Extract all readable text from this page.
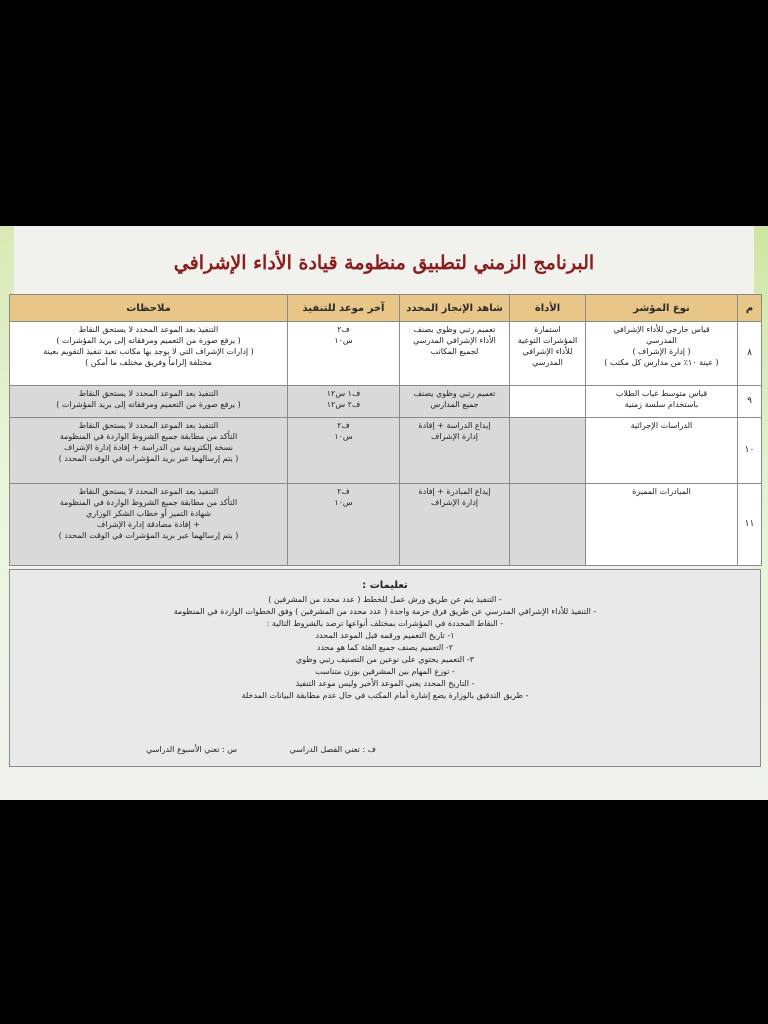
البرنامج الزمني لتطبيق منظومة قيادة الأداء الإشرافي
م	نوع المؤشر	الأداة	شاهد الإنجاز المحدد	آخر موعد للتنفيذ	ملاحظات
٨	قياس خارجي للأداء الإشرافي
المدرسي
( إدارة الإشراف )
( عينة ١٠٪ من مدارس كل مكتب )	استمارة
المؤشرات النوعية
للأداء الإشرافي
المدرسي	تعميم رتبي وظوي يصنف
الأداء الإشرافي المدرسي
لجميع المكاتب	ف٢
س١٠	التنفيذ بعد الموعد المحدد لا يستحق النقاط
( يرفع صورة من التعميم ومرفقاته إلى بريد المؤشرات )
( إدارات الإشراف التي لا يوجد بها مكاتب تعيد تنفيذ التقويم بعينة
مختلفة إلزاماً وفريق مختلف ما أمكن )

٩	قياس متوسط غياب الطلاب
باستخدام سلسة زمنية		تعميم رتبي وظوي يصنف
جميع المدارس	ف١ س١٢
ف٢ س١٢	التنفيذ بعد الموعد المحدد لا يستحق النقاط
( يرفع صورة من التعميم ومرفقاته إلى بريد المؤشرات )

١٠	الدراسات الإجرائية		إيداع الدراسة + إفادة
إدارة الإشراف	ف٢
س١٠	التنفيذ بعد الموعد المحدد لا يستحق النقاط
التأكد من مطابقة جميع الشروط الواردة في المنظومة
نسخة إلكترونية من الدراسة + إفادة إدارة الإشراف
( يتم إرسالهما عبر بريد المؤشرات في الوقت المحدد )

١١	المبادرات المميزة		إيداع المبادرة + إفادة
إدارة الإشراف	ف٢
س١٠	التنفيذ بعد الموعد المحدد لا يستحق النقاط
التأكد من مطابقة جميع الشروط الواردة في المنظومة
شهادة التميز أو خطاب الشكر الوزاري
+ إفادة مصادقة إدارة الإشراف
( يتم إرسالهما عبر بريد المؤشرات في الوقت المحدد )
تعليمات :
- التنفيذ يتم عن طريق ورش عمل للخطط ( عدد محدد من المشرفين )
- التنفيذ للأداء الإشرافي المدرسي عن طريق فرق حزمة واحدة ( عدد محدد من المشرفين ) وفق الخطوات الواردة في المنظومة
- النقاط المحددة في المؤشرات بمختلف أنواعها ترصد بالشروط التالية :
١- تاريخ التعميم ورقمه قبل الموعد المحدد
٢- التعميم يصنف جميع الفئة كما هو محدد
٣- التعميم يحتوي على نوعين من التصنيف رتبي وظوي
- توزع المهام بين المشرفين بوزن متناسب
- التاريخ المحدد يعني الموعد الأخير وليس موعد التنفيذ
- طريق التدقيق بالوزارة يضع إشارة أمام المكتب في حال عدم مطابقة البيانات المدخلة
ف : تعني الفصل الدراسي س : تعني الأسبوع الدراسي
